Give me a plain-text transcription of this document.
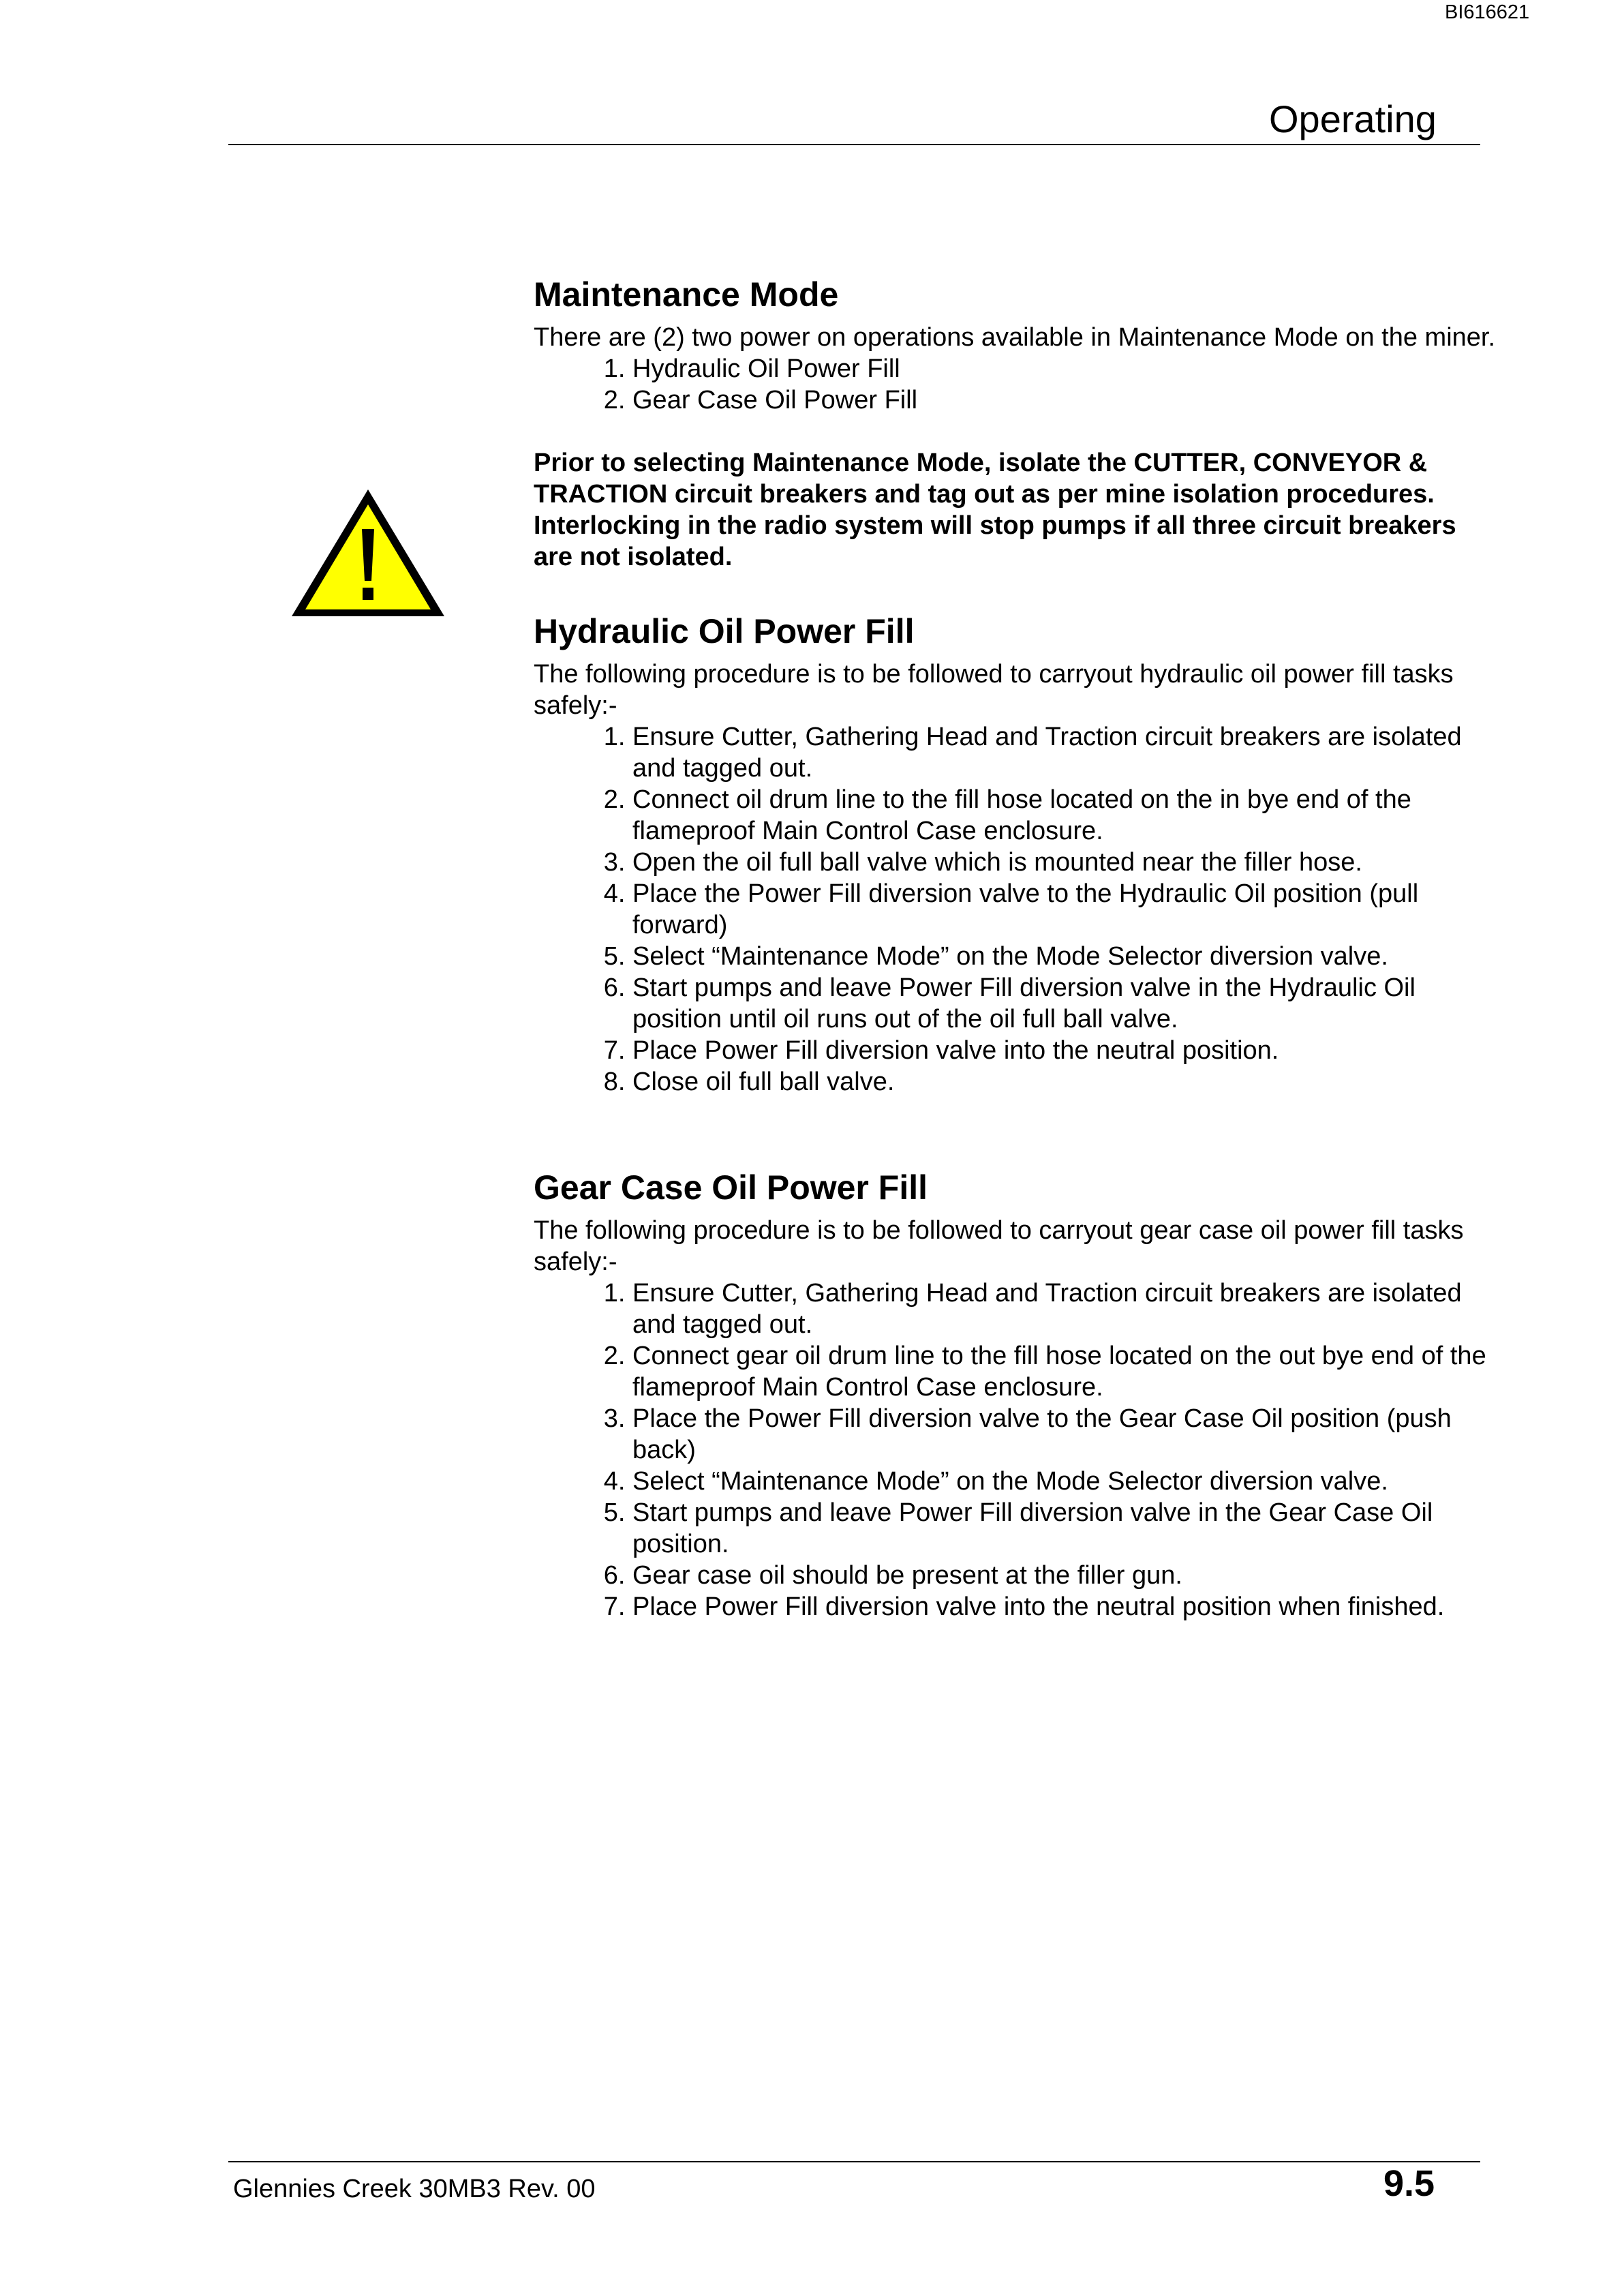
BI616621
Operating
Maintenance Mode

There are (2) two power on operations available in Maintenance Mode on the miner.

1. Hydraulic Oil Power Fill
2. Gear Case Oil Power Fill
Prior to selecting Maintenance Mode, isolate the CUTTER, CONVEYOR & TRACTION circuit breakers and tag out as per mine isolation procedures. Interlocking in the radio system will stop pumps if all three circuit breakers are not isolated.
Hydraulic Oil Power Fill

The following procedure is to be followed to carryout hydraulic oil power fill tasks safely:-

1. Ensure Cutter, Gathering Head and Traction circuit breakers are isolated and tagged out.
2. Connect oil drum line to the fill hose located on the in bye end of the flameproof Main Control Case enclosure.
3. Open the oil full ball valve which is mounted near the filler hose.
4. Place the Power Fill diversion valve to the Hydraulic Oil position (pull forward)
5. Select “Maintenance Mode” on the Mode Selector diversion valve.
6. Start pumps and leave Power Fill diversion valve in the Hydraulic Oil position until oil runs out of the oil full ball valve.
7. Place Power Fill diversion valve into the neutral position.
8. Close oil full ball valve.
Gear Case Oil Power Fill

The following procedure is to be followed to carryout gear case oil power fill tasks safely:-

1. Ensure Cutter, Gathering Head and Traction circuit breakers are isolated and tagged out.
2. Connect gear oil drum line to the fill hose located on the out bye end of the flameproof Main Control Case enclosure.
3. Place the Power Fill diversion valve to the Gear Case Oil position (push back)
4. Select “Maintenance Mode” on the Mode Selector diversion valve.
5. Start pumps and leave Power Fill diversion valve in the Gear Case Oil position.
6. Gear case oil should be present at the filler gun.
7. Place Power Fill diversion valve into the neutral position when finished.
Glennies Creek 30MB3 Rev. 00	9.5
